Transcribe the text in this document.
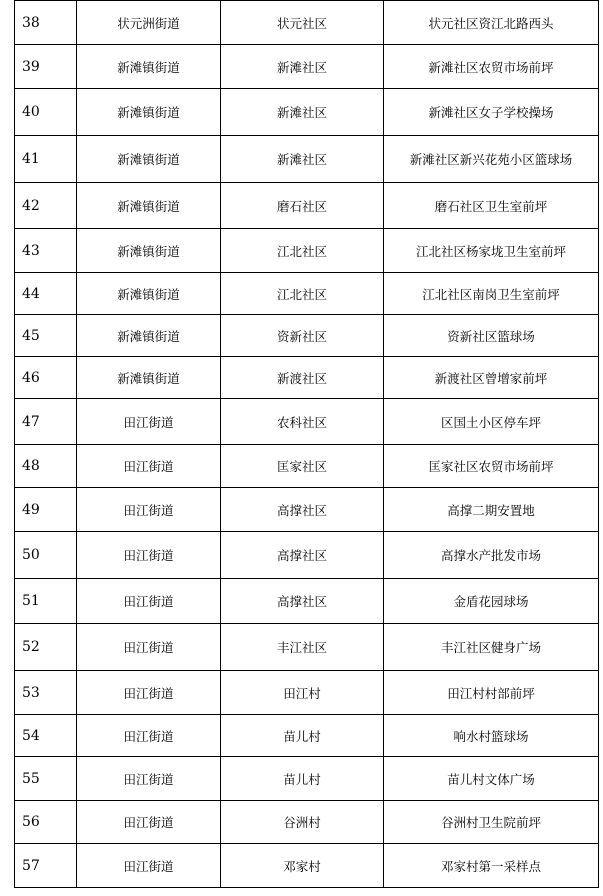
38	状元洲街道	状元社区	状元社区资江北路西头
39	新滩镇街道	新滩社区	新滩社区农贸市场前坪
40	新滩镇街道	新滩社区	新滩社区女子学校操场
41	新滩镇街道	新滩社区	新滩社区新兴花苑小区篮球场
42	新滩镇街道	磨石社区	磨石社区卫生室前坪
43	新滩镇街道	江北社区	江北社区杨家垅卫生室前坪
44	新滩镇街道	江北社区	江北社区南岗卫生室前坪
45	新滩镇街道	资新社区	资新社区篮球场
46	新滩镇街道	新渡社区	新渡社区曾增家前坪
47	田江街道	农科社区	区国土小区停车坪
48	田江街道	匡家社区	匡家社区农贸市场前坪
49	田江街道	高撑社区	高撑二期安置地
50	田江街道	高撑社区	高撑水产批发市场
51	田江街道	高撑社区	金盾花园球场
52	田江街道	丰江社区	丰江社区健身广场
53	田江街道	田江村	田江村村部前坪
54	田江街道	苗儿村	响水村篮球场
55	田江街道	苗儿村	苗儿村文体广场
56	田江街道	谷洲村	谷洲村卫生院前坪
57	田江街道	邓家村	邓家村第一采样点
